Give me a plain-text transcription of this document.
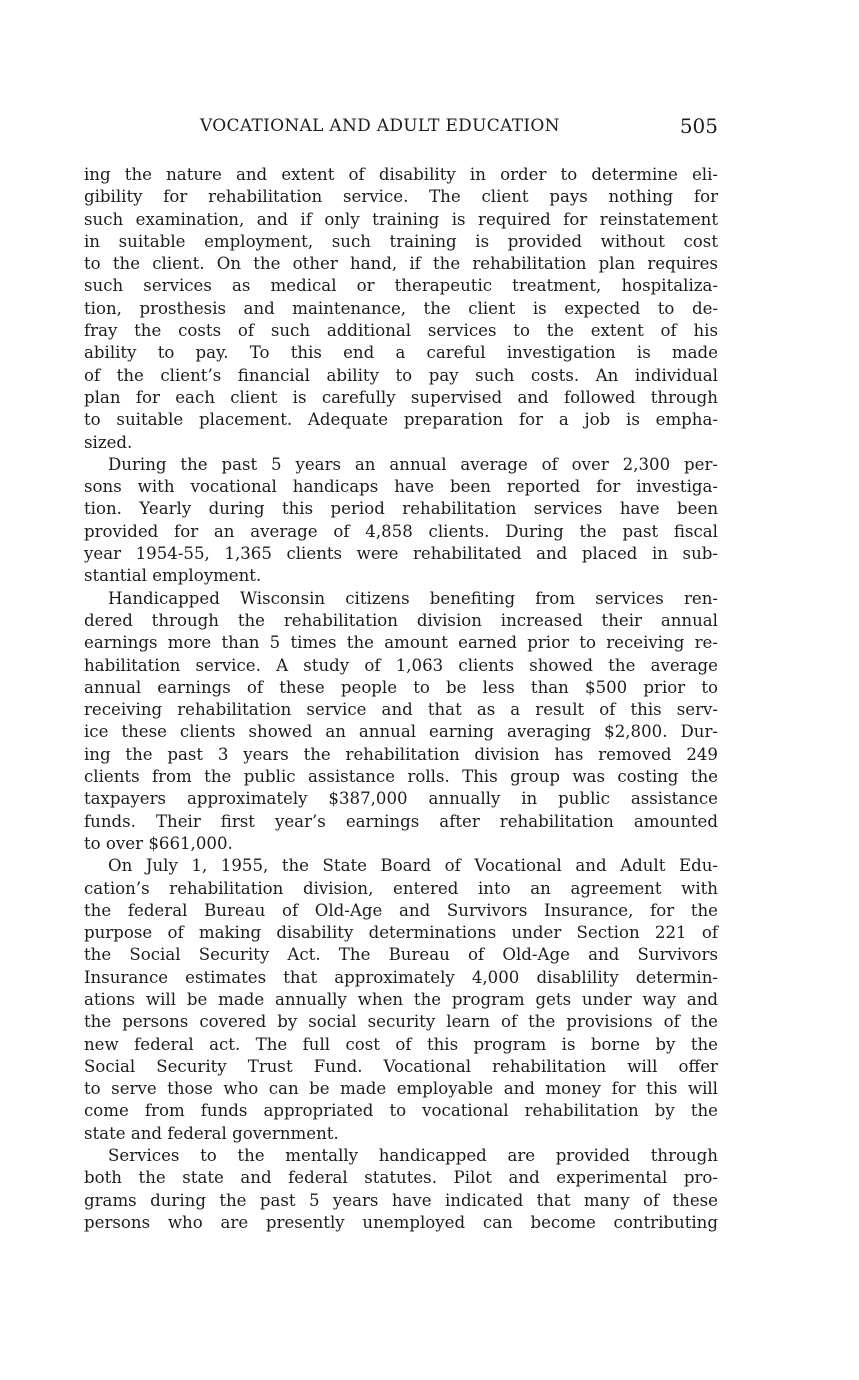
VOCATIONAL AND ADULT EDUCATION	505
ing the nature and extent of disability in order to determine eli-
gibility for rehabilitation service. The client pays nothing for
such examination, and if only training is required for reinstatement
in suitable employment, such training is provided without cost
to the client. On the other hand, if the rehabilitation plan requires
such services as medical or therapeutic treatment, hospitaliza-
tion, prosthesis and maintenance, the client is expected to de-
fray the costs of such additional services to the extent of his
ability to pay. To this end a careful investigation is made
of the client’s financial ability to pay such costs. An individual
plan for each client is carefully supervised and followed through
to suitable placement. Adequate preparation for a job is empha-
sized.
During the past 5 years an annual average of over 2,300 per-
sons with vocational handicaps have been reported for investiga-
tion. Yearly during this period rehabilitation services have been
provided for an average of 4,858 clients. During the past fiscal
year 1954-55, 1,365 clients were rehabilitated and placed in sub-
stantial employment.
Handicapped Wisconsin citizens benefiting from services ren-
dered through the rehabilitation division increased their annual
earnings more than 5 times the amount earned prior to receiving re-
habilitation service. A study of 1,063 clients showed the average
annual earnings of these people to be less than $500 prior to
receiving rehabilitation service and that as a result of this serv-
ice these clients showed an annual earning averaging $2,800. Dur-
ing the past 3 years the rehabilitation division has removed 249
clients from the public assistance rolls. This group was costing the
taxpayers approximately $387,000 annually in public assistance
funds. Their first year’s earnings after rehabilitation amounted
to over $661,000.
On July 1, 1955, the State Board of Vocational and Adult Edu-
cation’s rehabilitation division, entered into an agreement with
the federal Bureau of Old-Age and Survivors Insurance, for the
purpose of making disability determinations under Section 221 of
the Social Security Act. The Bureau of Old-Age and Survivors
Insurance estimates that approximately 4,000 disablility determin-
ations will be made annually when the program gets under way and
the persons covered by social security learn of the provisions of the
new federal act. The full cost of this program is borne by the
Social Security Trust Fund. Vocational rehabilitation will offer
to serve those who can be made employable and money for this will
come from funds appropriated to vocational rehabilitation by the
state and federal government.
Services to the mentally handicapped are provided through
both the state and federal statutes. Pilot and experimental pro-
grams during the past 5 years have indicated that many of these
persons who are presently unemployed can become contributing
